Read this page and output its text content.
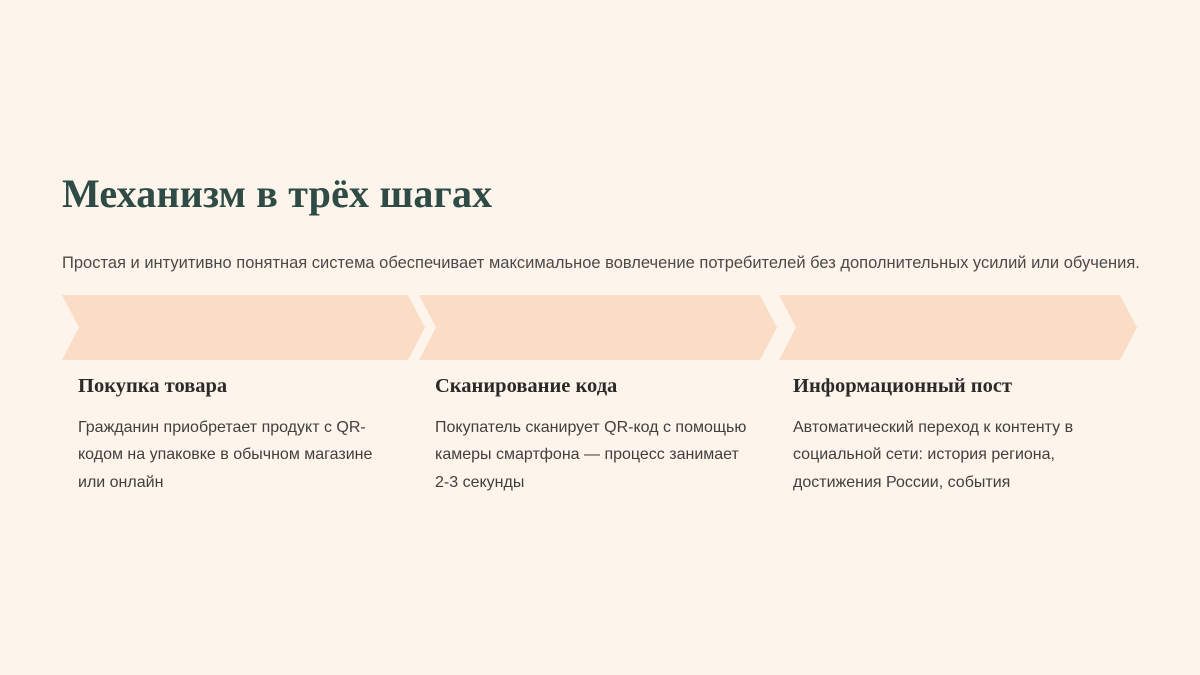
Механизм в трёх шагах

Простая и интуитивно понятная система обеспечивает максимальное вовлечение потребителей без дополнительных усилий или обучения.

Покупка товара

Гражданин приобретает продукт с QR-кодом на упаковке в обычном магазине или онлайн

Сканирование кода

Покупатель сканирует QR-код с помощью камеры смартфона — процесс занимает 2-3 секунды

Информационный пост

Автоматический переход к контенту в социальной сети: история региона, достижения России, события
